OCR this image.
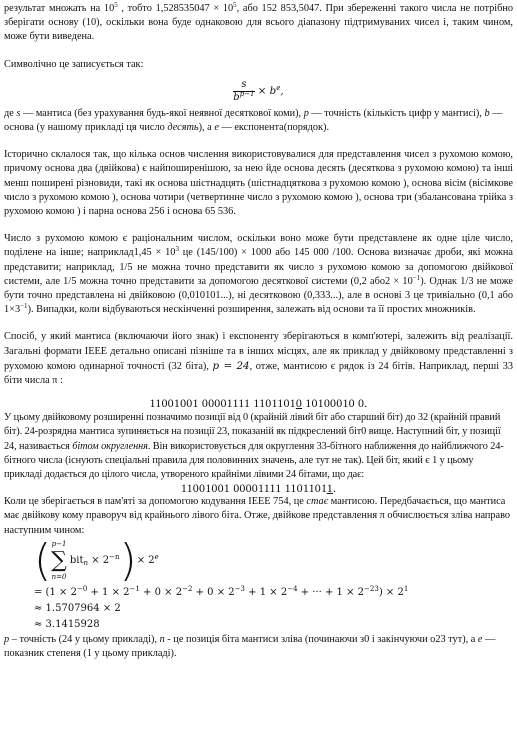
результат множать на $10^5$ , тобто $1,528535047 \times 10^5$, або 152 853,5047. При збереженні такого числа не потрібно зберігати основу (10), оскільки вона буде однаковою для всього діапазону підтримуваних чисел і, таким чином, може бути виведена.

Символічно це записується так:

$\frac{s}{b^{p-1}} \times b^e$,

де s — мантиса (без урахування будь-якої неявної десяткової коми), p — точність (кількість цифр у мантисі), b — основа (у нашому прикладі ця число десять), а e — експонента(порядок).

Історично склалося так, що кілька основ числення використовувалися для представлення чисел з рухомою комою, причому основа два (двійкова) є найпоширенішою, за нею йде основа десять (десяткова з рухомою комою) та інші менш поширені різновиди, такі як основа шістнадцять (шістнадцяткова з рухомою комою ), основа вісім (вісімкове число з рухомою комою ), основа чотири (четвертинне число з рухомою комою ), основа три (збалансована трійка з рухомою комою ) і парна основа 256 і основа 65 536.

Число з рухомою комою є раціональним числом, оскільки воно може бути представлене як одне ціле число, поділене на інше; наприклад1,45 × $10^3$ це (145/100) × 1000 або 145 000 /100. Основа визначає дроби, які можна представити; наприклад, 1/5 не можна точно представити як число з рухомою комою за допомогою двійкової системи, але 1/5 можна точно представити за допомогою десяткової системи (0,2 $або2 \times 10^{-1}$). Однак 1/3 не може бути точно представлена ні двійковою (0,010101...), ні десятковою (0,333...), але в основі 3 це тривіально (0,1 або $1\times 3^{-1}$). Випадки, коли відбуваються нескінченні розширення, залежать від основи та її простих множників.

Спосіб, у який мантиса (включаючи його знак) і експоненту зберігаються в комп'ютері, залежить від реалізації. Загальні формати IEEE детально описані пізніше та в інших місцях, але як приклад у двійковому представленні з рухомою комою одинарної точності (32 біта), p = 24, отже, мантисою є рядок із 24 бітів. Наприклад, перші 33 біти числа π :

11001001 00001111 11011010 10100010 0.

У цьому двійковому розширенні позначимо позиції від 0 (крайній лівий біт або старший біт) до 32 (крайній правий біт). 24-розрядна мантиса зупиняється на позиції 23, показаній як підкреслений біт0 вище. Наступний біт, у позиції 24, називається бітом округлення. Він використовується для округлення 33-бітного наближення до найближчого 24-бітного числа (існують спеціальні правила для половинних значень, але тут не так). Цей біт, який є 1 у цьому прикладі додається до цілого числа, утвореного крайніми лівими 24 бітами, що дає:

11001001 00001111 11011011.

Коли це зберігається в пам'яті за допомогою кодування IEEE 754, це стає мантисою. Передбачається, що мантиса має двійкову кому праворуч від крайнього лівого біта. Отже, двійкове представлення π обчислюється зліва направо наступним чином:

( p−1
∑
n=0
$bit_n \times 2^{-n}$ ) × $2^e$
= ($1 \times 2^{-0} + 1 \times 2^{-1} + 0 \times 2^{-2} + 0 \times 2^{-3} + 1 \times 2^{-4}$ + ··· + $1 \times 2^{-23}) \times 2^1$
≈ 1.5707964 × 2
≈ 3.1415928

p – точність (24 у цьому прикладі), n - це позиція біта мантиси зліва (починаючи з0 і закінчуючи о23 тут), а e — показник степеня (1 у цьому прикладі).
